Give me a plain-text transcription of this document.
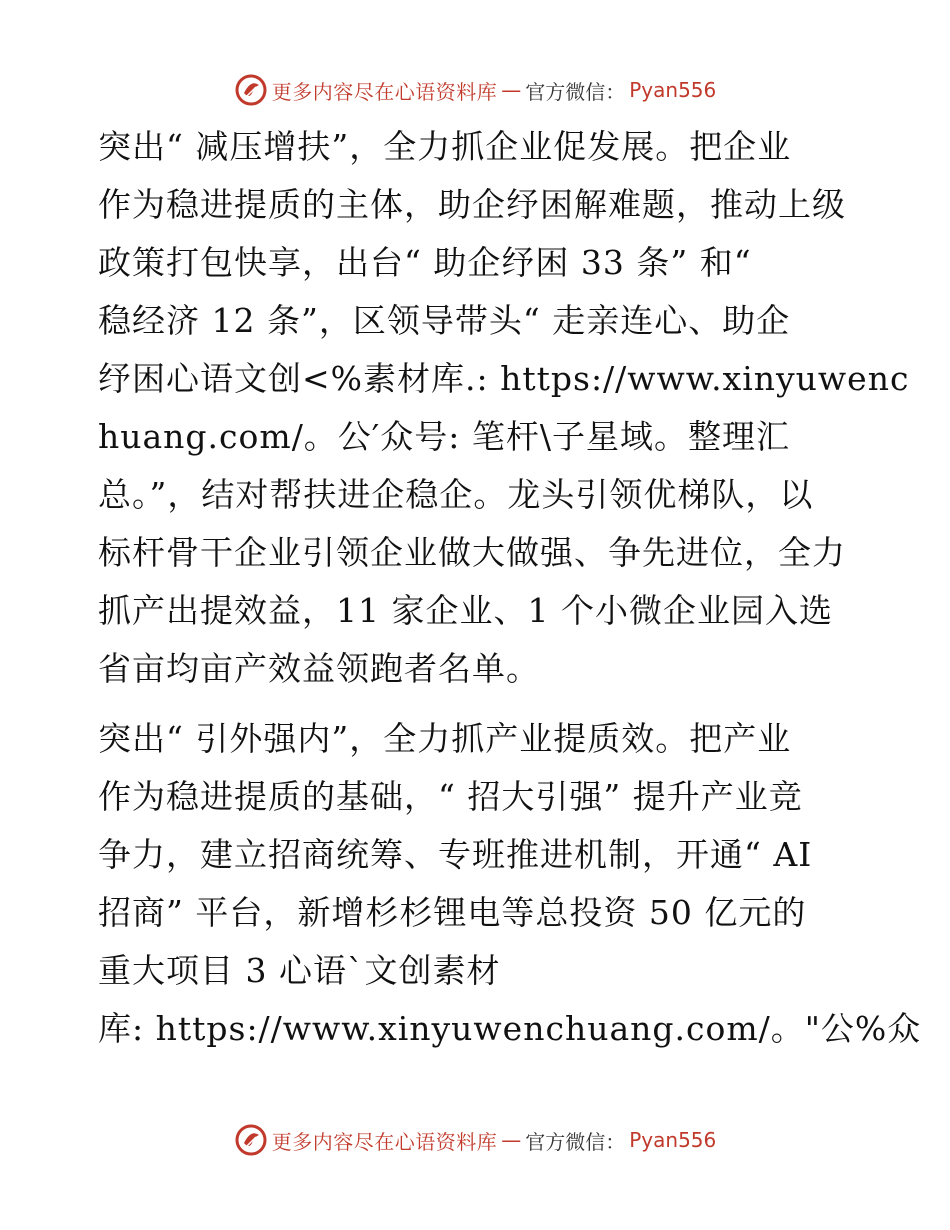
更多内容尽在心语资料库 — 官方微信： Pyan556
突出“ 减压增扶”，全力抓企业促发展。把企业
作为稳进提质的主体，助企纾困解难题，推动上级
政策打包快享，出台“ 助企纾困 33 条” 和“
稳经济 12 条”，区领导带头“ 走亲连心、助企
纾困心语文创<%素材库.: https://www.xinyuwenc
huang.com/。公′众号: 笔杆\子星域。整理汇
总。”，结对帮扶进企稳企。龙头引领优梯队，以
标杆骨干企业引领企业做大做强、争先进位，全力
抓产出提效益，11 家企业、1 个小微企业园入选
省亩均亩产效益领跑者名单。
突出“ 引外强内”，全力抓产业提质效。把产业
作为稳进提质的基础，“ 招大引强” 提升产业竞
争力，建立招商统筹、专班推进机制，开通“ AI
招商” 平台，新增杉杉锂电等总投资 50 亿元的
重大项目 3 心语`文创素材
库: https://www.xinyuwenchuang.com/。"公%众
更多内容尽在心语资料库 — 官方微信： Pyan556
